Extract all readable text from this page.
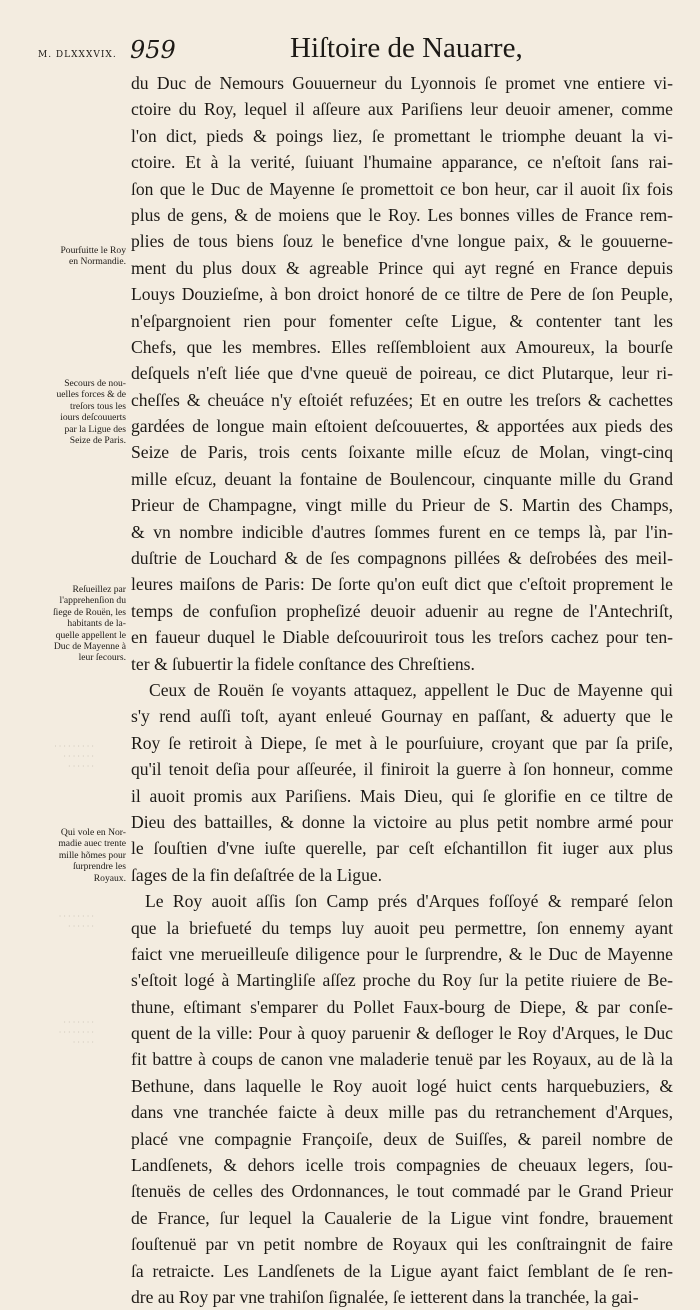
M. DLXXXVIX. 959	Hiſtoire de Nauarre,
du Duc de Nemours Gouuerneur du Lyonnois ſe promet vne entiere vi-
ctoire du Roy, lequel il aſſeure aux Pariſiens leur deuoir amener, comme
l'on dict, pieds & poings liez, ſe promettant le triomphe deuant la vi-
ctoire. Et à la verité, ſuiuant l'humaine apparance, ce n'eſtoit ſans rai-
ſon que le Duc de Mayenne ſe promettoit ce bon heur, car il auoit ſix fois
plus de gens, & de moiens que le Roy. Les bonnes villes de France rem-
plies de tous biens ſouz le benefice d'vne longue paix, & le gouuerne-
ment du plus doux & agreable Prince qui ayt regné en France depuis
Louys Douzieſme, à bon droict honoré de ce tiltre de Pere de ſon Peuple,
n'eſpargnoient rien pour fomenter ceſte Ligue, & contenter tant les
Chefs, que les membres. Elles reſſembloient aux Amoureux, la bourſe
deſquels n'eſt liée que d'vne queuë de poireau, ce dict Plutarque, leur ri-
cheſſes & cheuáce n'y eſtoiét refuzées; Et en outre les treſors & cachettes
gardées de longue main eſtoient deſcouuertes, & apportées aux pieds des
Seize de Paris, trois cents ſoixante mille eſcuz de Molan, vingt-cinq
mille eſcuz, deuant la fontaine de Boulencour, cinquante mille du Grand
Prieur de Champagne, vingt mille du Prieur de S. Martin des Champs,
& vn nombre indicible d'autres ſommes furent en ce temps là, par l'in-
duſtrie de Louchard & de ſes compagnons pillées & deſrobées des meil-
leures maiſons de Paris: De ſorte qu'on euſt dict que c'eſtoit proprement le
temps de confuſion propheſizé deuoir aduenir au regne de l'Antechriſt,
en faueur duquel le Diable deſcouuriroit tous les treſors cachez pour ten-
ter & ſubuertir la fidele conſtance des Chreſtiens.
Ceux de Rouën ſe voyants attaquez, appellent le Duc de Mayenne qui
s'y rend auſſi toſt, ayant enleué Gournay en paſſant, & aduerty que le
Roy ſe retiroit à Diepe, ſe met à le pourſuiure, croyant que par ſa priſe,
qu'il tenoit deſia pour aſſeurée, il finiroit la guerre à ſon honneur, comme
il auoit promis aux Pariſiens. Mais Dieu, qui ſe glorifie en ce tiltre de
Dieu des battailles, & donne la victoire au plus petit nombre armé pour
le ſouſtien d'vne iuſte querelle, par ceſt eſchantillon fit iuger aux plus
ſages de la fin deſaſtrée de la Ligue.
Le Roy auoit aſſis ſon Camp prés d'Arques foſſoyé & remparé ſelon
que la briefueté du temps luy auoit peu permettre, ſon ennemy ayant
faict vne merueilleuſe diligence pour le ſurprendre, & le Duc de Mayenne
s'eſtoit logé à Martingliſe aſſez proche du Roy ſur la petite riuiere de Be-
thune, eſtimant s'emparer du Pollet Faux-bourg de Diepe, & par conſe-
quent de la ville: Pour à quoy paruenir & deſloger le Roy d'Arques, le Duc
fit battre à coups de canon vne maladerie tenuë par les Royaux, au de là la
Bethune, dans laquelle le Roy auoit logé huict cents harquebuziers, &
dans vne tranchée faicte à deux mille pas du retranchement d'Arques,
placé vne compagnie Françoiſe, deux de Suiſſes, & pareil nombre de
Landſenets, & dehors icelle trois compagnies de cheuaux legers, ſou-
ſtenuës de celles des Ordonnances, le tout commadé par le Grand Prieur
de France, ſur lequel la Caualerie de la Ligue vint fondre, brauement
ſouſtenuë par vn petit nombre de Royaux qui les conſtraingnit de faire
ſa retraicte. Les Landſenets de la Ligue ayant faict ſemblant de ſe ren-
dre au Roy par vne trahiſon ſignalée, ſe ietterent dans la tranchée, la gai-
Pourſuitte le Roy
en Normandie.
Secours de nou-
uelles forces & de
treſors tous les
iours deſcouuerts
par la Ligue des
Seize de Paris.
Reſueillez par
l'apprehenſion du
ſiege de Rouën, les
habitants de la-
quelle appellent le
Duc de Mayenne à
leur ſecours.
Qui vole en Nor-
madie auec trente
mille hõmes pour
ſurprendre les
Royaux.
· · · · · · · · ·
· · · · · · ·
· · · · · ·
· · · · · · · ·
· · · · · ·
· · · · · · ·
· · · · · · · ·
· · · · ·
